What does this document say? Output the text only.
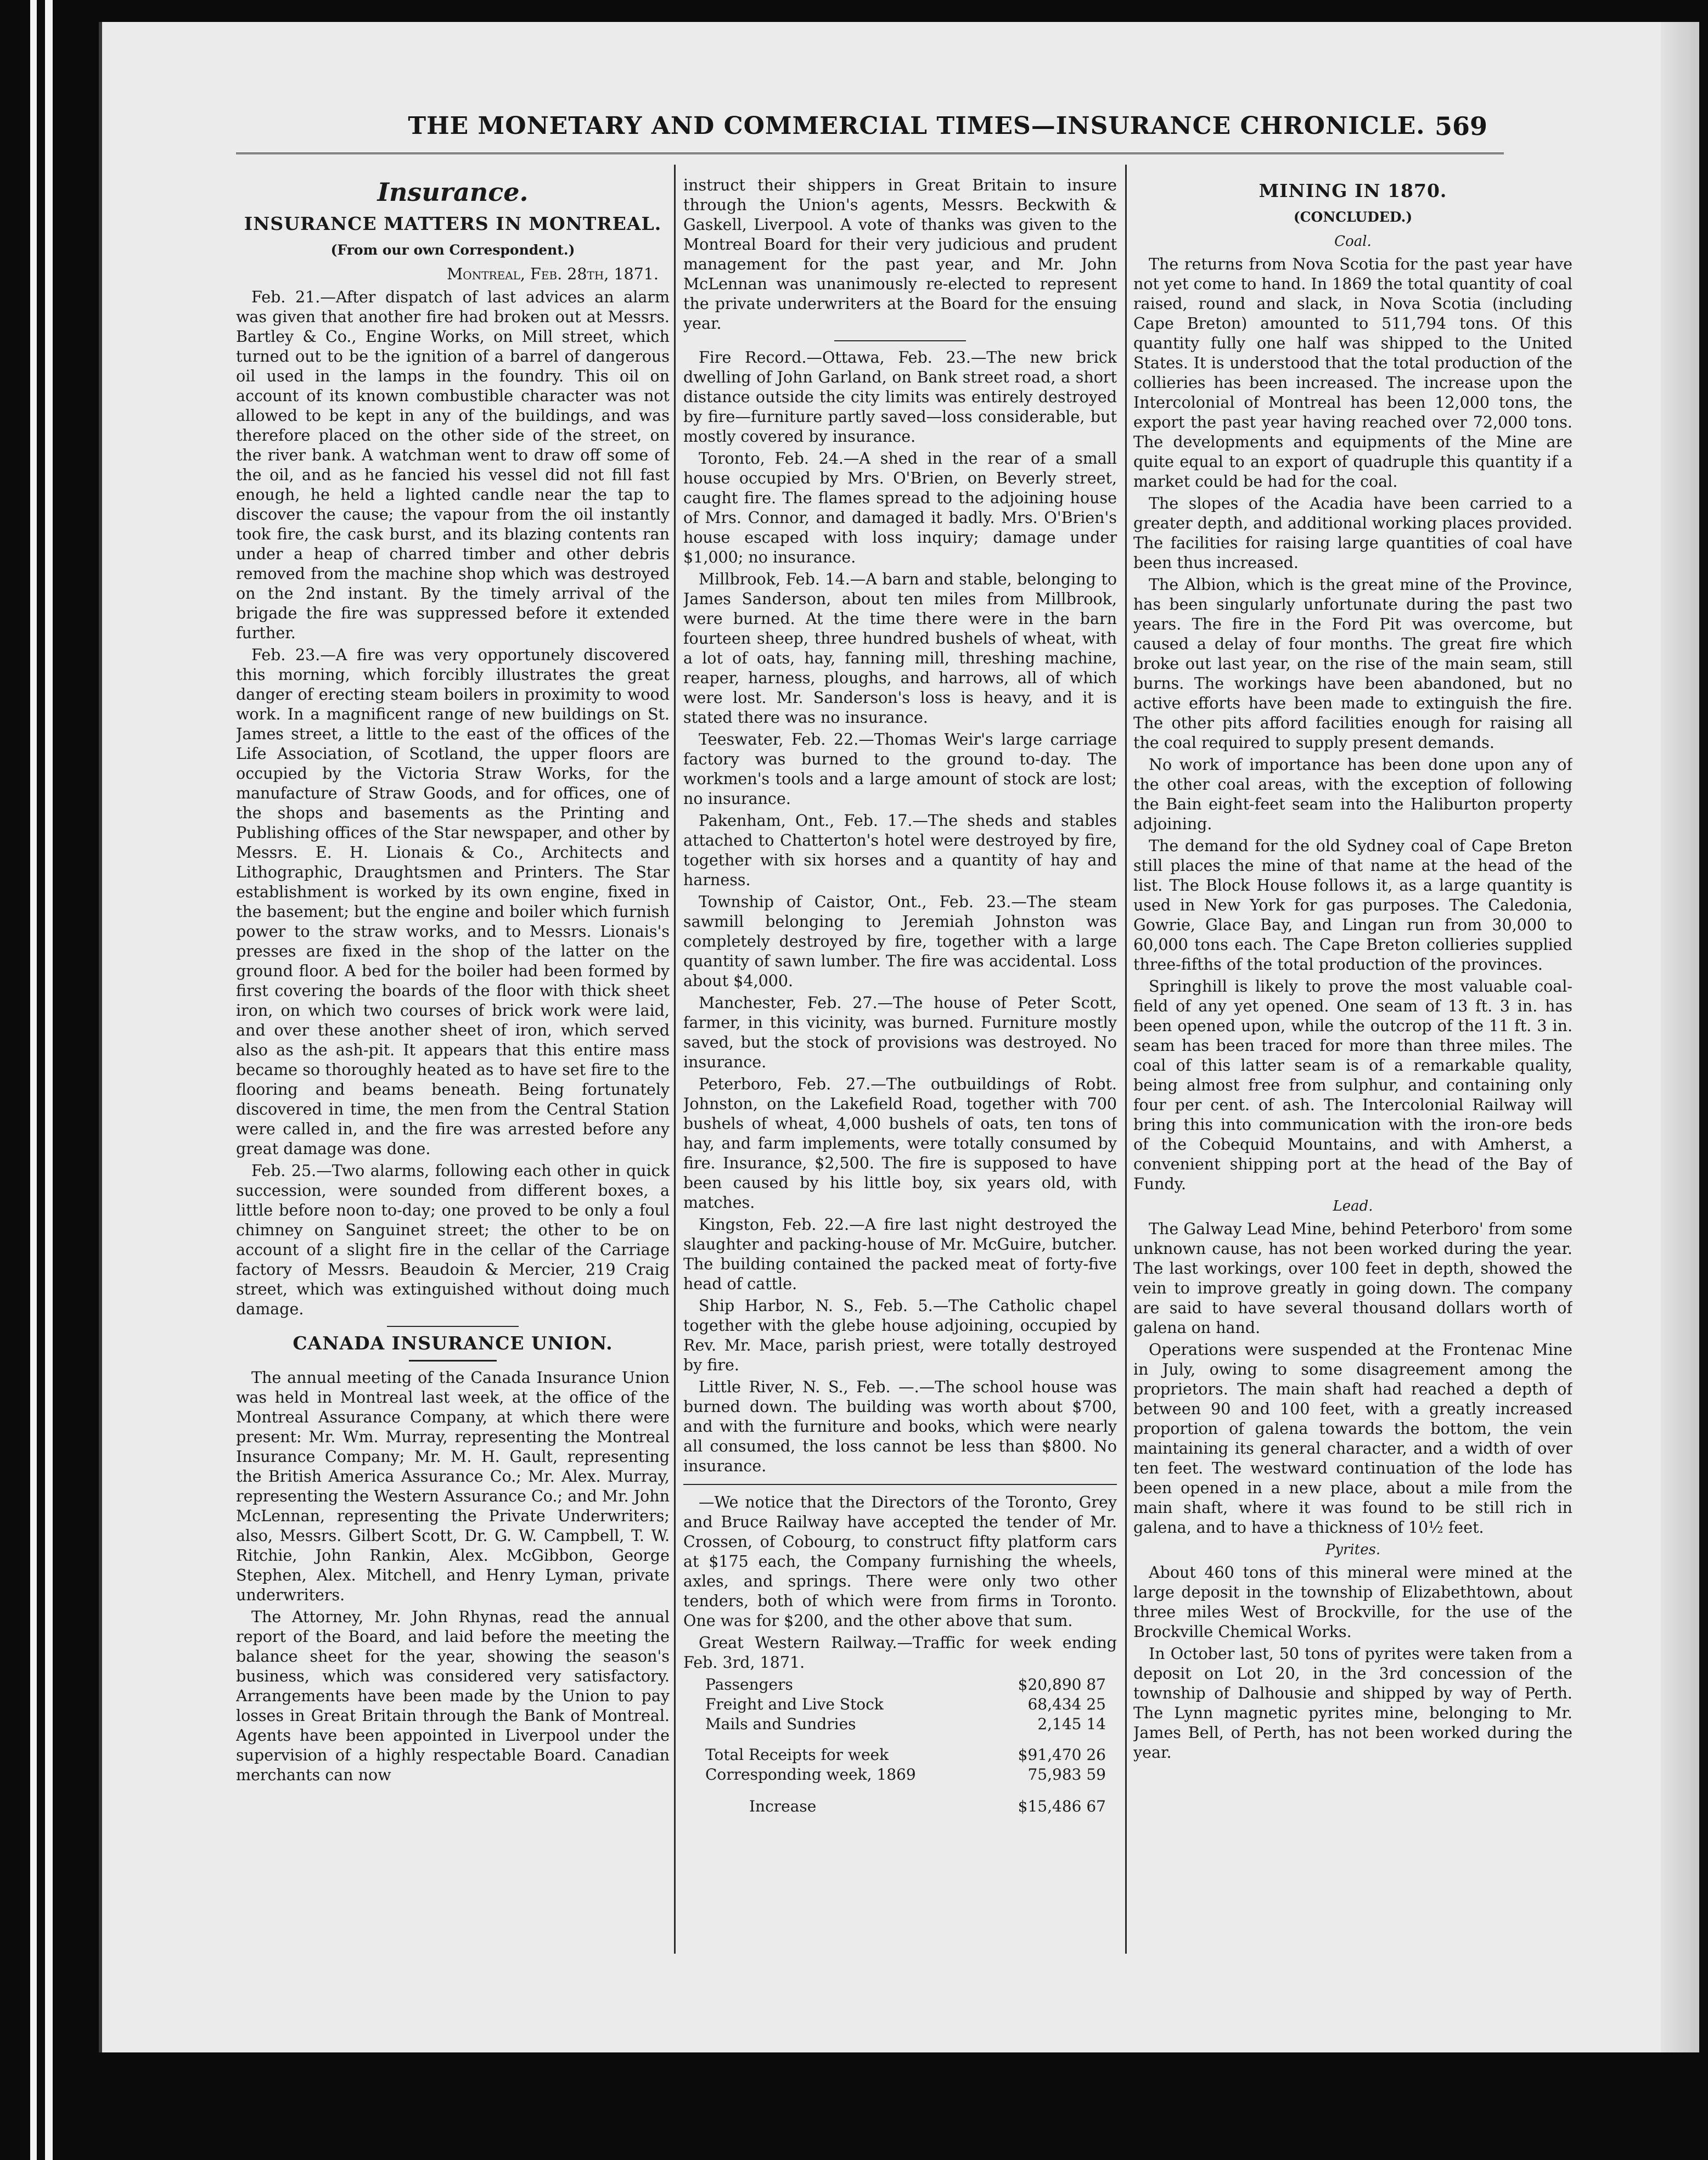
THE MONETARY AND COMMERCIAL TIMES—INSURANCE CHRONICLE. 569
Insurance.
INSURANCE MATTERS IN MONTREAL.
(From our own Correspondent.)
Montreal, Feb. 28th, 1871.

Feb. 21.—After dispatch of last advices an alarm was given that another fire had broken out at Messrs. Bartley & Co., Engine Works, on Mill street, which turned out to be the ignition of a barrel of dangerous oil used in the lamps in the foundry. This oil on account of its known combustible character was not allowed to be kept in any of the buildings, and was therefore placed on the other side of the street, on the river bank. A watchman went to draw off some of the oil, and as he fancied his vessel did not fill fast enough, he held a lighted candle near the tap to discover the cause; the vapour from the oil instantly took fire, the cask burst, and its blazing contents ran under a heap of charred timber and other debris removed from the machine shop which was destroyed on the 2nd instant. By the timely arrival of the brigade the fire was suppressed before it extended further.

Feb. 23.—A fire was very opportunely discovered this morning, which forcibly illustrates the great danger of erecting steam boilers in proximity to wood work. In a magnificent range of new buildings on St. James street, a little to the east of the offices of the Life Association, of Scotland, the upper floors are occupied by the Victoria Straw Works, for the manufacture of Straw Goods, and for offices, one of the shops and basements as the Printing and Publishing offices of the Star newspaper, and other by Messrs. E. H. Lionais & Co., Architects and Lithographic, Draughtsmen and Printers. The Star establishment is worked by its own engine, fixed in the basement; but the engine and boiler which furnish power to the straw works, and to Messrs. Lionais's presses are fixed in the shop of the latter on the ground floor. A bed for the boiler had been formed by first covering the boards of the floor with thick sheet iron, on which two courses of brick work were laid, and over these another sheet of iron, which served also as the ash-pit. It appears that this entire mass became so thoroughly heated as to have set fire to the flooring and beams beneath. Being fortunately discovered in time, the men from the Central Station were called in, and the fire was arrested before any great damage was done.

Feb. 25.—Two alarms, following each other in quick succession, were sounded from different boxes, a little before noon to-day; one proved to be only a foul chimney on Sanguinet street; the other to be on account of a slight fire in the cellar of the Carriage factory of Messrs. Beaudoin & Mercier, 219 Craig street, which was extinguished without doing much damage.

CANADA INSURANCE UNION.

The annual meeting of the Canada Insurance Union was held in Montreal last week, at the office of the Montreal Assurance Company, at which there were present: Mr. Wm. Murray, representing the Montreal Insurance Company; Mr. M. H. Gault, representing the British America Assurance Co.; Mr. Alex. Murray, representing the Western Assurance Co.; and Mr. John McLennan, representing the Private Underwriters; also, Messrs. Gilbert Scott, Dr. G. W. Campbell, T. W. Ritchie, John Rankin, Alex. McGibbon, George Stephen, Alex. Mitchell, and Henry Lyman, private underwriters.

The Attorney, Mr. John Rhynas, read the annual report of the Board, and laid before the meeting the balance sheet for the year, showing the season's business, which was considered very satisfactory. Arrangements have been made by the Union to pay losses in Great Britain through the Bank of Montreal. Agents have been appointed in Liverpool under the supervision of a highly respectable Board. Canadian merchants can now

instruct their shippers in Great Britain to insure through the Union's agents, Messrs. Beckwith & Gaskell, Liverpool. A vote of thanks was given to the Montreal Board for their very judicious and prudent management for the past year, and Mr. John McLennan was unanimously re-elected to represent the private underwriters at the Board for the ensuing year.

Fire Record.—Ottawa, Feb. 23.—The new brick dwelling of John Garland, on Bank street road, a short distance outside the city limits was entirely destroyed by fire—furniture partly saved—loss considerable, but mostly covered by insurance.

Toronto, Feb. 24.—A shed in the rear of a small house occupied by Mrs. O'Brien, on Beverly street, caught fire. The flames spread to the adjoining house of Mrs. Connor, and damaged it badly. Mrs. O'Brien's house escaped with loss inquiry; damage under $1,000; no insurance.

Millbrook, Feb. 14.—A barn and stable, belonging to James Sanderson, about ten miles from Millbrook, were burned. At the time there were in the barn fourteen sheep, three hundred bushels of wheat, with a lot of oats, hay, fanning mill, threshing machine, reaper, harness, ploughs, and harrows, all of which were lost. Mr. Sanderson's loss is heavy, and it is stated there was no insurance.

Teeswater, Feb. 22.—Thomas Weir's large carriage factory was burned to the ground to-day. The workmen's tools and a large amount of stock are lost; no insurance.

Pakenham, Ont., Feb. 17.—The sheds and stables attached to Chatterton's hotel were destroyed by fire, together with six horses and a quantity of hay and harness.

Township of Caistor, Ont., Feb. 23.—The steam sawmill belonging to Jeremiah Johnston was completely destroyed by fire, together with a large quantity of sawn lumber. The fire was accidental. Loss about $4,000.

Manchester, Feb. 27.—The house of Peter Scott, farmer, in this vicinity, was burned. Furniture mostly saved, but the stock of provisions was destroyed. No insurance.

Peterboro, Feb. 27.—The outbuildings of Robt. Johnston, on the Lakefield Road, together with 700 bushels of wheat, 4,000 bushels of oats, ten tons of hay, and farm implements, were totally consumed by fire. Insurance, $2,500. The fire is supposed to have been caused by his little boy, six years old, with matches.

Kingston, Feb. 22.—A fire last night destroyed the slaughter and packing-house of Mr. McGuire, butcher. The building contained the packed meat of forty-five head of cattle.

Ship Harbor, N. S., Feb. 5.—The Catholic chapel together with the glebe house adjoining, occupied by Rev. Mr. Mace, parish priest, were totally destroyed by fire.

Little River, N. S., Feb. —.—The school house was burned down. The building was worth about $700, and with the furniture and books, which were nearly all consumed, the loss cannot be less than $800. No insurance.

—We notice that the Directors of the Toronto, Grey and Bruce Railway have accepted the tender of Mr. Crossen, of Cobourg, to construct fifty platform cars at $175 each, the Company furnishing the wheels, axles, and springs. There were only two other tenders, both of which were from firms in Toronto. One was for $200, and the other above that sum.

Great Western Railway.—Traffic for week ending Feb. 3rd, 1871.

Passengers	$20,890 87
Freight and Live Stock	68,434 25
Mails and Sundries	2,145 14
Total Receipts for week	$91,470 26
Corresponding week, 1869	75,983 59
Increase	$15,486 67
MINING IN 1870.
(CONCLUDED.)
Coal.

The returns from Nova Scotia for the past year have not yet come to hand. In 1869 the total quantity of coal raised, round and slack, in Nova Scotia (including Cape Breton) amounted to 511,794 tons. Of this quantity fully one half was shipped to the United States. It is understood that the total production of the collieries has been increased. The increase upon the Intercolonial of Montreal has been 12,000 tons, the export the past year having reached over 72,000 tons. The developments and equipments of the Mine are quite equal to an export of quadruple this quantity if a market could be had for the coal.

The slopes of the Acadia have been carried to a greater depth, and additional working places provided. The facilities for raising large quantities of coal have been thus increased.

The Albion, which is the great mine of the Province, has been singularly unfortunate during the past two years. The fire in the Ford Pit was overcome, but caused a delay of four months. The great fire which broke out last year, on the rise of the main seam, still burns. The workings have been abandoned, but no active efforts have been made to extinguish the fire. The other pits afford facilities enough for raising all the coal required to supply present demands.

No work of importance has been done upon any of the other coal areas, with the exception of following the Bain eight-feet seam into the Haliburton property adjoining.

The demand for the old Sydney coal of Cape Breton still places the mine of that name at the head of the list. The Block House follows it, as a large quantity is used in New York for gas purposes. The Caledonia, Gowrie, Glace Bay, and Lingan run from 30,000 to 60,000 tons each. The Cape Breton collieries supplied three-fifths of the total production of the provinces.

Springhill is likely to prove the most valuable coal-field of any yet opened. One seam of 13 ft. 3 in. has been opened upon, while the outcrop of the 11 ft. 3 in. seam has been traced for more than three miles. The coal of this latter seam is of a remarkable quality, being almost free from sulphur, and containing only four per cent. of ash. The Intercolonial Railway will bring this into communication with the iron-ore beds of the Cobequid Mountains, and with Amherst, a convenient shipping port at the head of the Bay of Fundy.

Lead.

The Galway Lead Mine, behind Peterboro' from some unknown cause, has not been worked during the year. The last workings, over 100 feet in depth, showed the vein to improve greatly in going down. The company are said to have several thousand dollars worth of galena on hand.

Operations were suspended at the Frontenac Mine in July, owing to some disagreement among the proprietors. The main shaft had reached a depth of between 90 and 100 feet, with a greatly increased proportion of galena towards the bottom, the vein maintaining its general character, and a width of over ten feet. The westward continuation of the lode has been opened in a new place, about a mile from the main shaft, where it was found to be still rich in galena, and to have a thickness of 10½ feet.

Pyrites.

About 460 tons of this mineral were mined at the large deposit in the township of Elizabethtown, about three miles West of Brockville, for the use of the Brockville Chemical Works.

In October last, 50 tons of pyrites were taken from a deposit on Lot 20, in the 3rd concession of the township of Dalhousie and shipped by way of Perth. The Lynn magnetic pyrites mine, belonging to Mr. James Bell, of Perth, has not been worked during the year.
